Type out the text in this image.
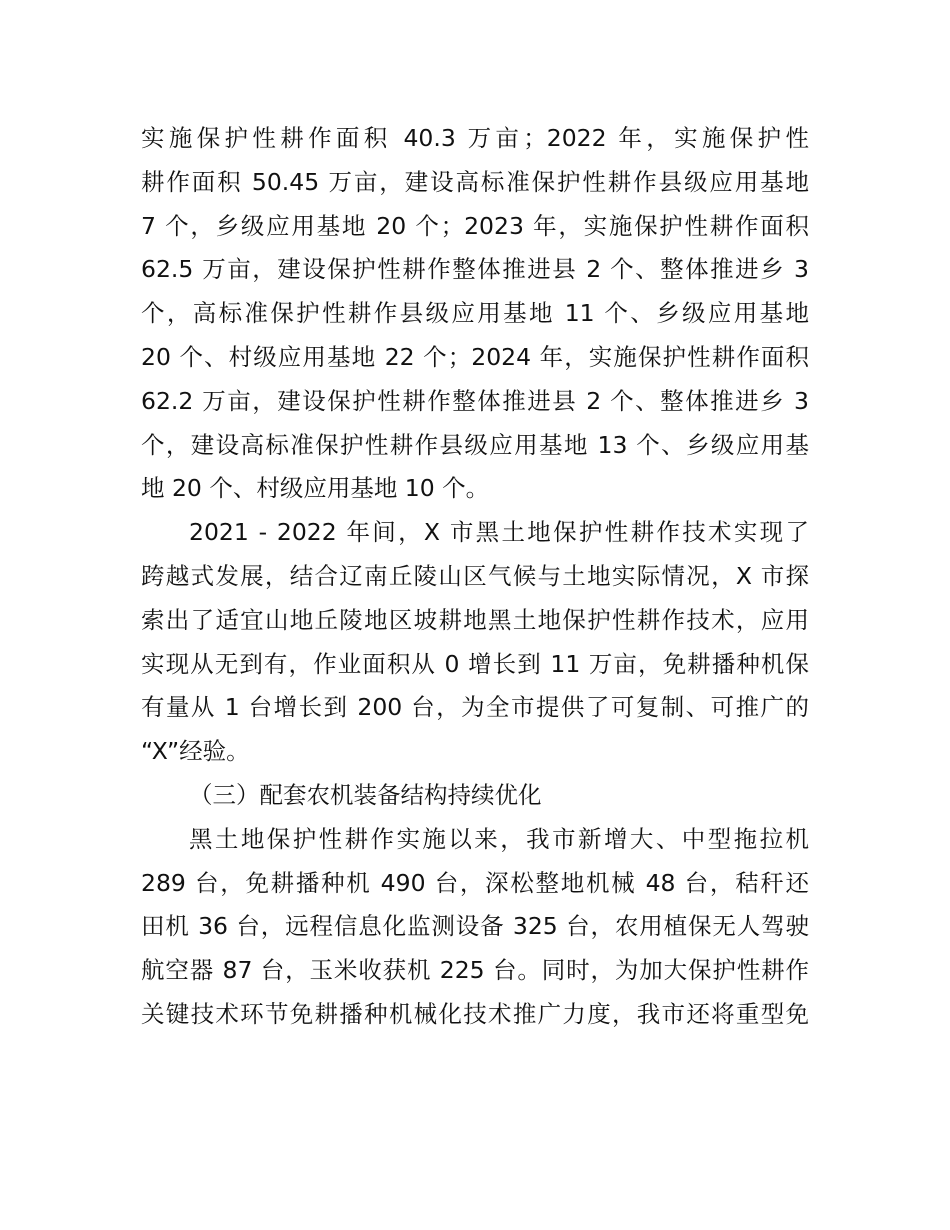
实施保护性耕作面积 40.3 万亩；2022 年，实施保护性
耕作面积 50.45 万亩，建设高标准保护性耕作县级应用基地
7 个，乡级应用基地 20 个；2023 年，实施保护性耕作面积
62.5 万亩，建设保护性耕作整体推进县 2 个、整体推进乡 3
个，高标准保护性耕作县级应用基地 11 个、乡级应用基地
20 个、村级应用基地 22 个；2024 年，实施保护性耕作面积
62.2 万亩，建设保护性耕作整体推进县 2 个、整体推进乡 3
个，建设高标准保护性耕作县级应用基地 13 个、乡级应用基
地 20 个、村级应用基地 10 个。
2021 - 2022 年间，X 市黑土地保护性耕作技术实现了
跨越式发展，结合辽南丘陵山区气候与土地实际情况，X 市探
索出了适宜山地丘陵地区坡耕地黑土地保护性耕作技术，应用
实现从无到有，作业面积从 0 增长到 11 万亩，免耕播种机保
有量从 1 台增长到 200 台，为全市提供了可复制、可推广的
“X”经验。
（三）配套农机装备结构持续优化
黑土地保护性耕作实施以来，我市新增大、中型拖拉机
289 台，免耕播种机 490 台，深松整地机械 48 台，秸秆还
田机 36 台，远程信息化监测设备 325 台，农用植保无人驾驶
航空器 87 台，玉米收获机 225 台。同时，为加大保护性耕作
关键技术环节免耕播种机械化技术推广力度，我市还将重型免
